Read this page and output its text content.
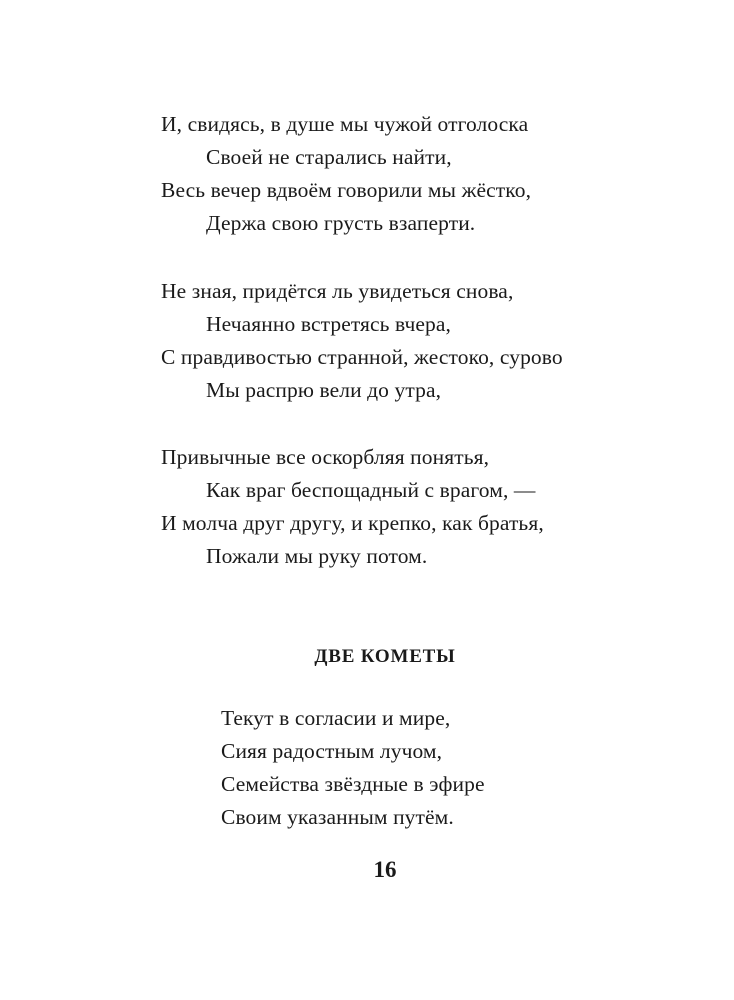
И, свидясь, в душе мы чужой отголоска
Своей не старались найти,
Весь вечер вдвоём говорили мы жёстко,
Держа свою грусть взаперти.
Не зная, придётся ль увидеться снова,
Нечаянно встретясь вчера,
С правдивостью странной, жестоко, сурово
Мы распрю вели до утра,
Привычные все оскорбляя понятья,
Как враг беспощадный с врагом, —
И молча друг другу, и крепко, как братья,
Пожали мы руку потом.
ДВЕ КОМЕТЫ
Текут в согласии и мире,
Сияя радостным лучом,
Семейства звёздные в эфире
Своим указанным путём.
16
